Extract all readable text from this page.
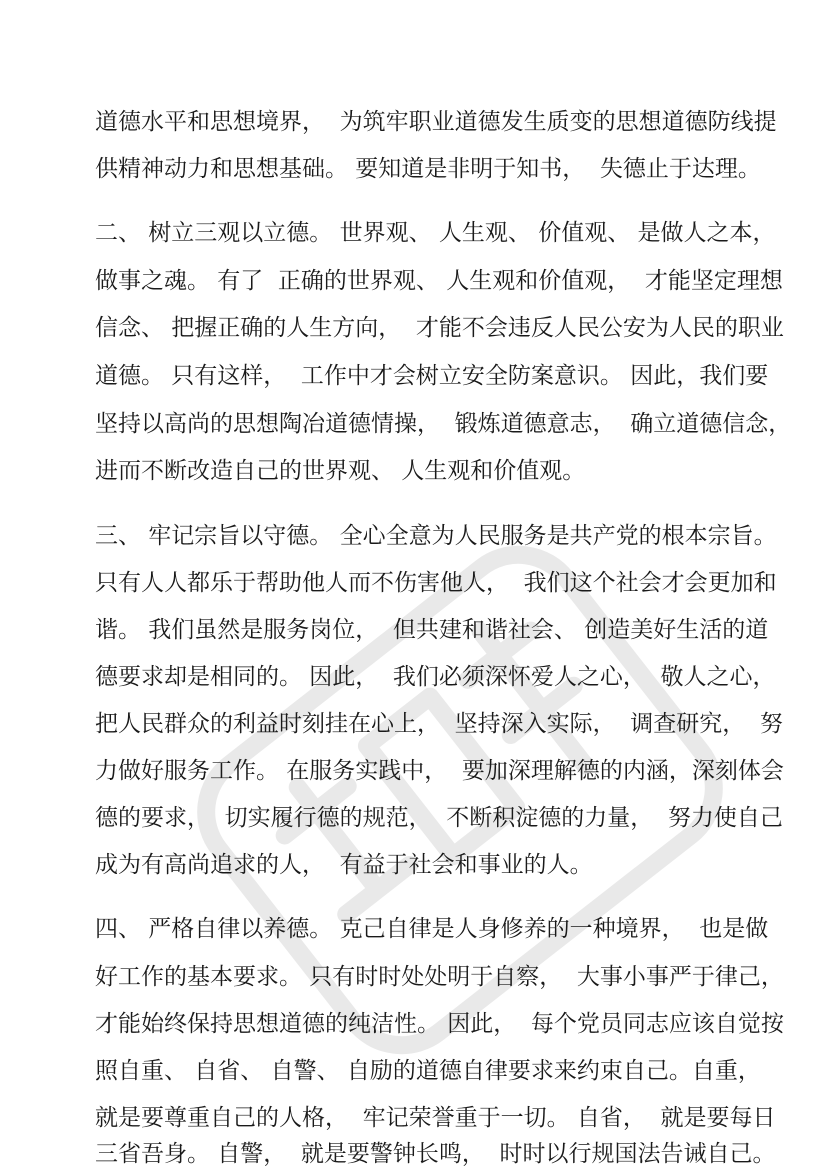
道德水平和思想境界，  为筑牢职业道德发生质变的思想道德防线提
供精神动力和思想基础。 要知道是非明于知书，  失德止于达理。
二、 树立三观以立德。 世界观、 人生观、 价值观、 是做人之本，
做事之魂。 有了  正确的世界观、 人生观和价值观，  才能坚定理想
信念、 把握正确的人生方向，  才能不会违反人民公安为人民的职业
道德。 只有这样，  工作中才会树立安全防案意识。 因此，我们要
坚持以高尚的思想陶冶道德情操，  锻炼道德意志，  确立道德信念，
进而不断改造自己的世界观、 人生观和价值观。
三、 牢记宗旨以守德。 全心全意为人民服务是共产党的根本宗旨。
只有人人都乐于帮助他人而不伤害他人，  我们这个社会才会更加和
谐。 我们虽然是服务岗位，  但共建和谐社会、 创造美好生活的道
德要求却是相同的。 因此，  我们必须深怀爱人之心，  敬人之心，
把人民群众的利益时刻挂在心上，  坚持深入实际，  调查研究，  努
力做好服务工作。 在服务实践中，  要加深理解德的内涵，深刻体会
德的要求，  切实履行德的规范，  不断积淀德的力量，  努力使自己
成为有高尚追求的人，  有益于社会和事业的人。
四、 严格自律以养德。 克己自律是人身修养的一种境界，  也是做
好工作的基本要求。 只有时时处处明于自察，  大事小事严于律己，
才能始终保持思想道德的纯洁性。 因此，  每个党员同志应该自觉按
照自重、 自省、 自警、 自励的道德自律要求来约束自己。自重，
就是要尊重自己的人格，  牢记荣誉重于一切。 自省，  就是要每日
三省吾身。 自警，  就是要警钟长鸣，  时时以行规国法告诫自己。
